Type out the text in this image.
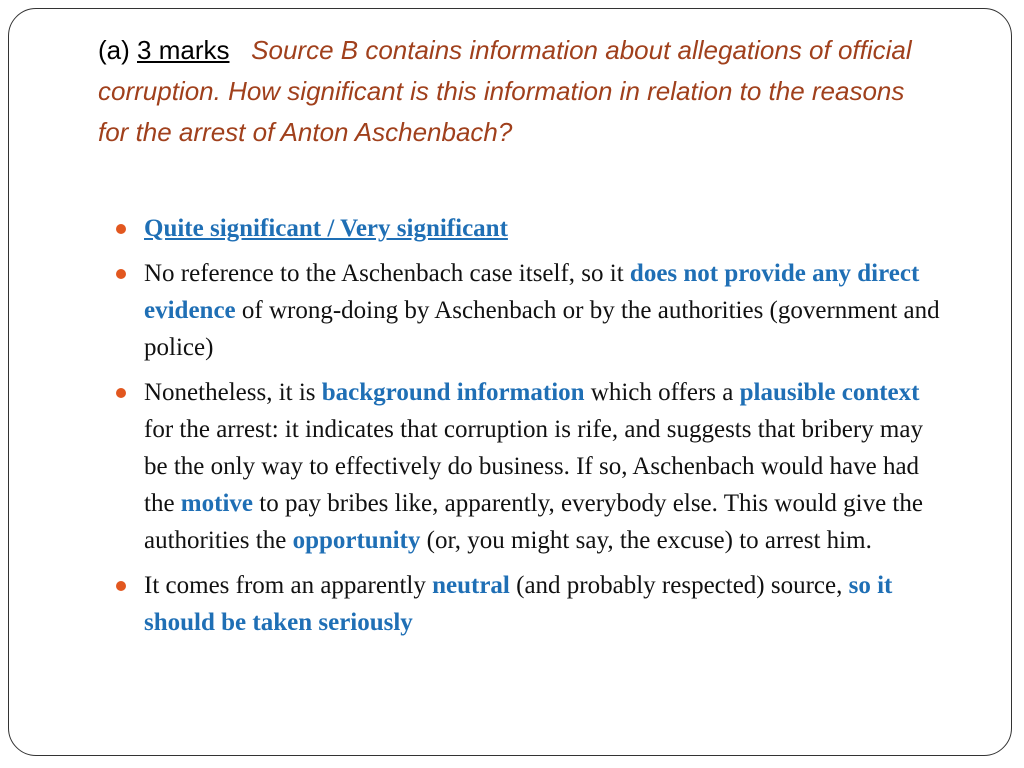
(a) 3 marks Source B contains information about allegations of official corruption. How significant is this information in relation to the reasons for the arrest of Anton Aschenbach?
Quite significant / Very significant
No reference to the Aschenbach case itself, so it does not provide any direct evidence of wrong-doing by Aschenbach or by the authorities (government and police)
Nonetheless, it is background information which offers a plausible context for the arrest: it indicates that corruption is rife, and suggests that bribery may be the only way to effectively do business. If so, Aschenbach would have had the motive to pay bribes like, apparently, everybody else. This would give the authorities the opportunity (or, you might say, the excuse) to arrest him.
It comes from an apparently neutral (and probably respected) source, so it should be taken seriously
